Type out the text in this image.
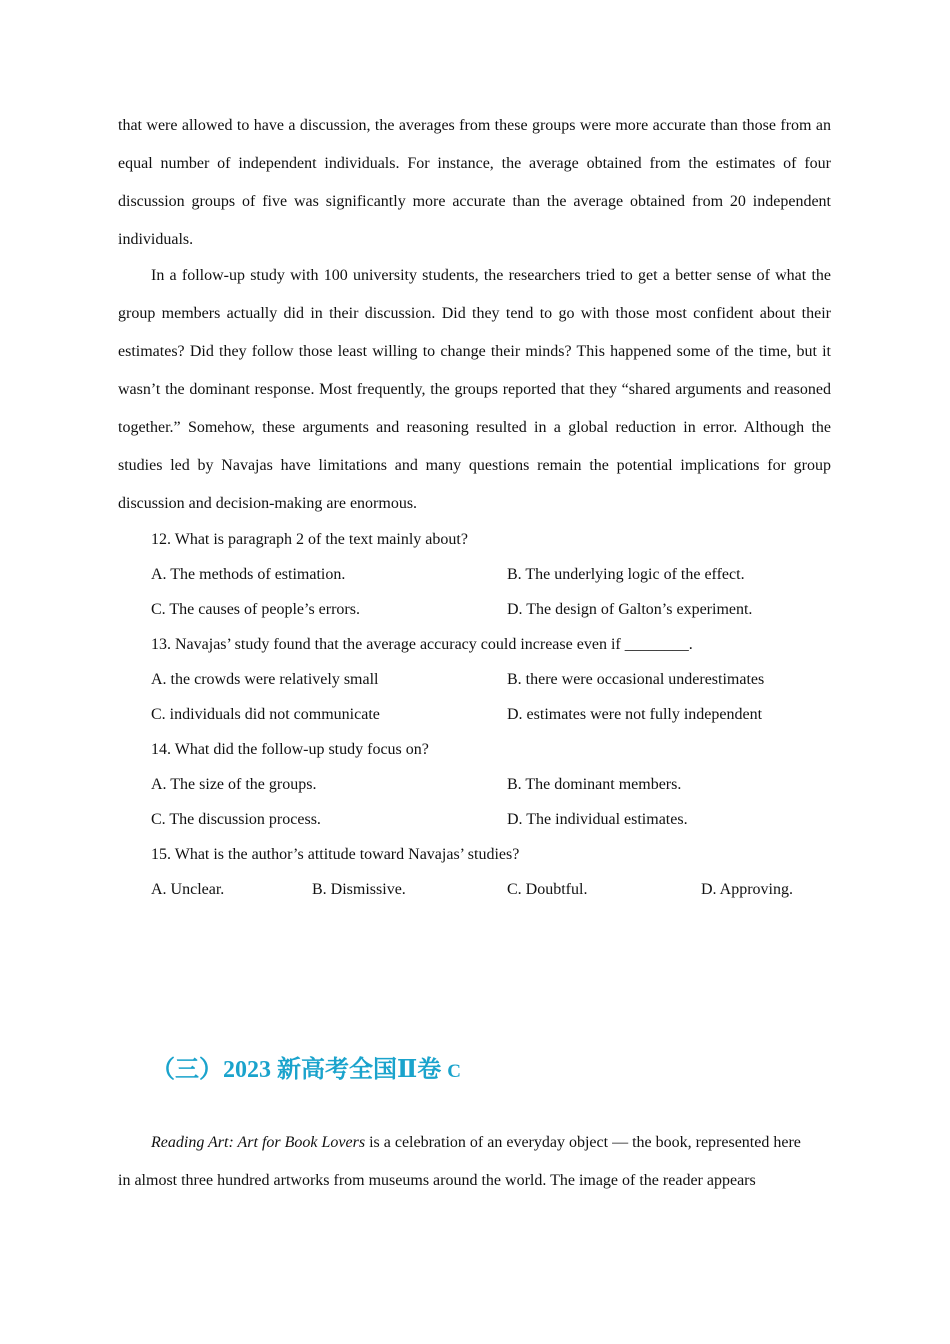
that were allowed to have a discussion, the averages from these groups were more accurate than those from an equal number of independent individuals. For instance, the average obtained from the estimates of four discussion groups of five was significantly more accurate than the average obtained from 20 independent individuals.

In a follow-up study with 100 university students, the researchers tried to get a better sense of what the group members actually did in their discussion. Did they tend to go with those most confident about their estimates? Did they follow those least willing to change their minds? This happened some of the time, but it wasn’t the dominant response. Most frequently, the groups reported that they “shared arguments and reasoned together.” Somehow, these arguments and reasoning resulted in a global reduction in error. Although the studies led by Navajas have limitations and many questions remain the potential implications for group discussion and decision-making are enormous.

12. What is paragraph 2 of the text mainly about?

A. The methods of estimation.	B. The underlying logic of the effect.
C. The causes of people’s errors.	D. The design of Galton’s experiment.

13. Navajas’ study found that the average accuracy could increase even if ________.

A. the crowds were relatively small	B. there were occasional underestimates
C. individuals did not communicate	D. estimates were not fully independent

14. What did the follow-up study focus on?

A. The size of the groups.	B. The dominant members.
C. The discussion process.	D. The individual estimates.

15. What is the author’s attitude toward Navajas’ studies?

A. Unclear.	B. Dismissive.	C. Doubtful.	D. Approving.
（三）2023 新高考全国Ⅱ卷 C

Reading Art: Art for Book Lovers is a celebration of an everyday object — the book, represented here

in almost three hundred artworks from museums around the world. The image of the reader appears
